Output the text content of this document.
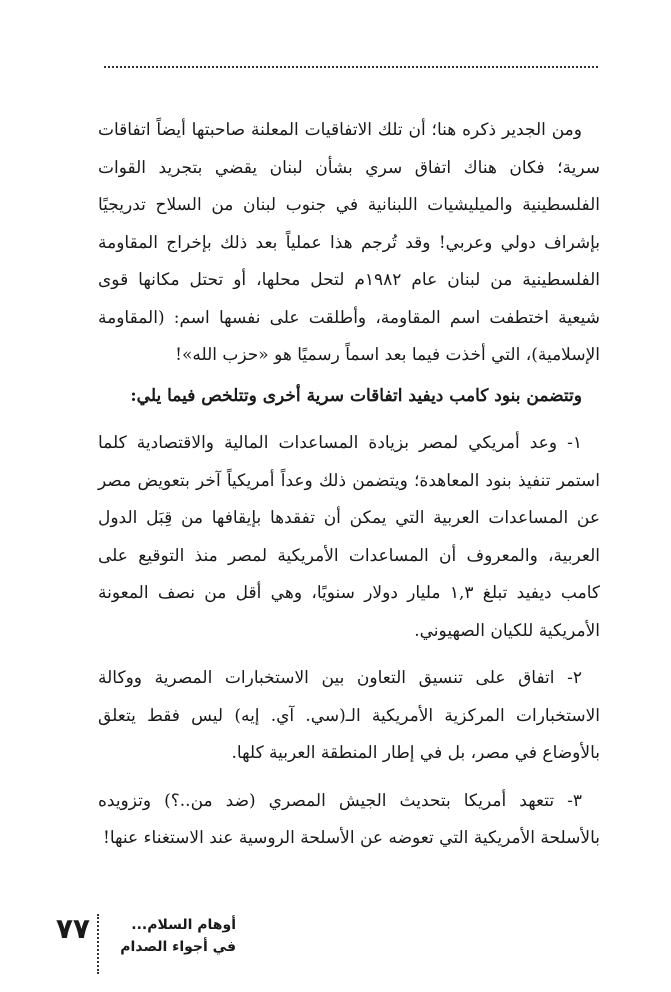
ومن الجدير ذكره هنا؛ أن تلك الاتفاقيات المعلنة صاحبتها أيضاً اتفاقات سرية؛ فكان هناك اتفاق سري بشأن لبنان يقضي بتجريد القوات الفلسطينية والميليشيات اللبنانية في جنوب لبنان من السلاح تدريجيًا بإشراف دولي وعربي! وقد تُرجم هذا عملياً بعد ذلك بإخراج المقاومة الفلسطينية من لبنان عام ١٩٨٢م لتحل محلها، أو تحتل مكانها قوى شيعية اختطفت اسم المقاومة، وأطلقت على نفسها اسم: (المقاومة الإسلامية)، التي أخذت فيما بعد اسماً رسميًا هو «حزب الله»!

وتتضمن بنود كامب ديفيد اتفاقات سرية أخرى وتتلخص فيما يلي:

١- وعد أمريكي لمصر بزيادة المساعدات المالية والاقتصادية كلما استمر تنفيذ بنود المعاهدة؛ ويتضمن ذلك وعداً أمريكياً آخر بتعويض مصر عن المساعدات العربية التي يمكن أن تفقدها بإيقافها من قِبَل الدول العربية، والمعروف أن المساعدات الأمريكية لمصر منذ التوقيع على كامب ديفيد تبلغ ١,٣ مليار دولار سنويًا، وهي أقل من نصف المعونة الأمريكية للكيان الصهيوني.

٢- اتفاق على تنسيق التعاون بين الاستخبارات المصرية ووكالة الاستخبارات المركزية الأمريكية الـ(سي. آي. إيه) ليس فقط يتعلق بالأوضاع في مصر، بل في إطار المنطقة العربية كلها.

٣- تتعهد أمريكا بتحديث الجيش المصري (ضد من..؟) وتزويده بالأسلحة الأمريكية التي تعوضه عن الأسلحة الروسية عند الاستغناء عنها!

٧٧	أوهام السلام...
في أجواء الصدام
